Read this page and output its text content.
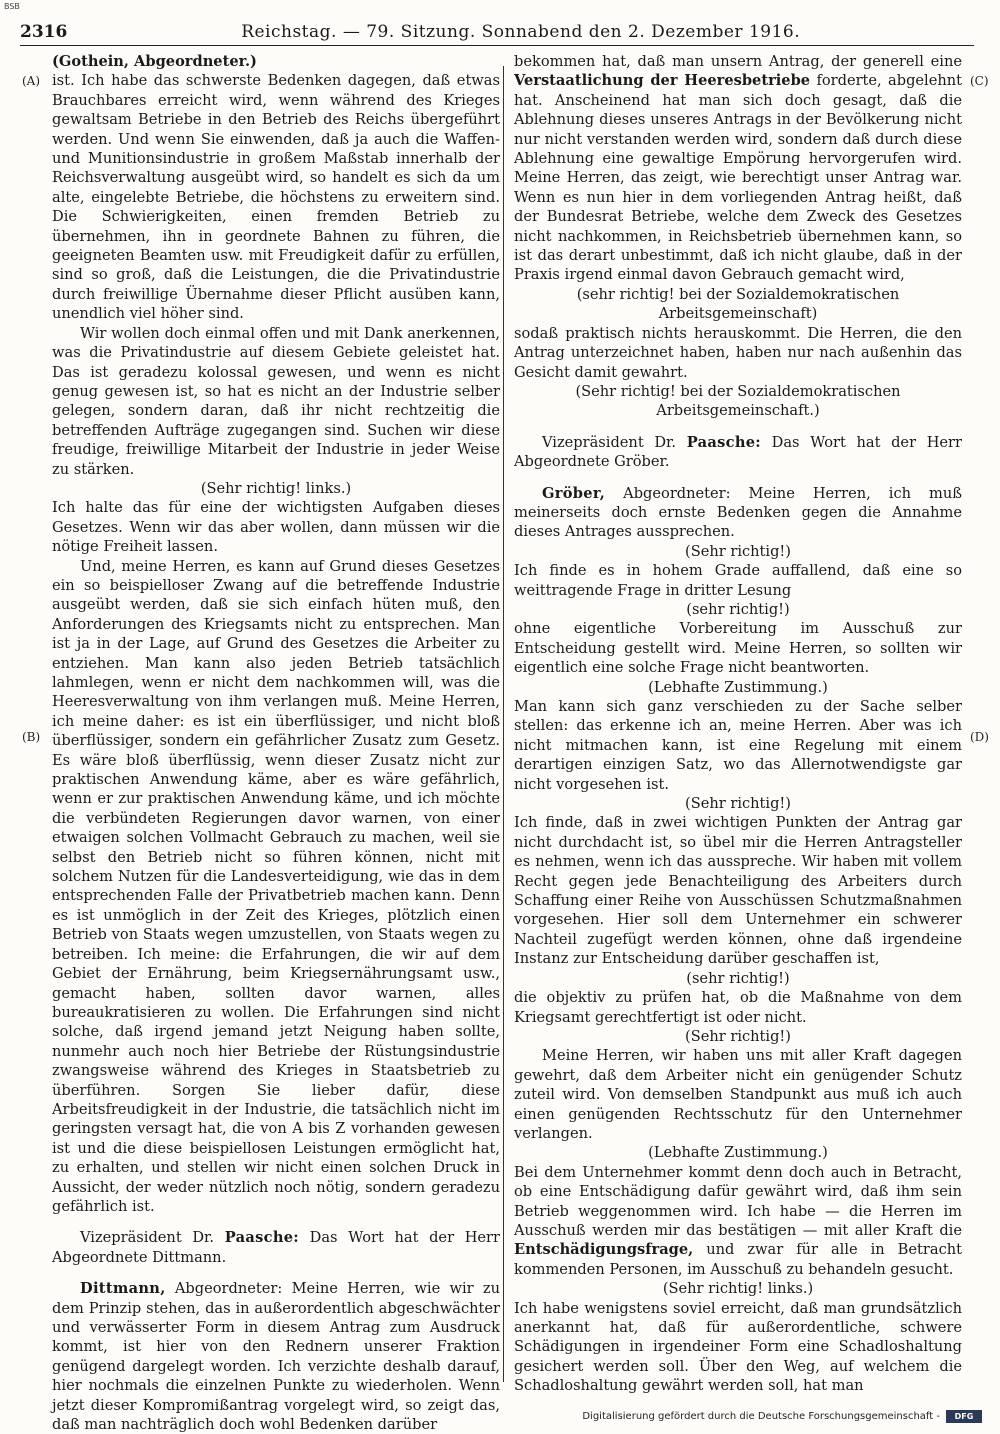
BSB
2316	Reichstag. — 79. Sitzung. Sonnabend den 2. Dezember 1916.
(A)
(B)
(C)
(D)

(Gothein, Abgeordneter.)

ist. Ich habe das schwerste Bedenken dagegen, daß etwas Brauchbares erreicht wird, wenn während des Krieges gewaltsam Betriebe in den Betrieb des Reichs übergeführt werden. Und wenn Sie einwenden, daß ja auch die Waffen- und Munitionsindustrie in großem Maßstab innerhalb der Reichsverwaltung ausgeübt wird, so handelt es sich da um alte, eingelebte Betriebe, die höchstens zu erweitern sind. Die Schwierigkeiten, einen fremden Betrieb zu übernehmen, ihn in geordnete Bahnen zu führen, die geeigneten Beamten usw. mit Freudigkeit dafür zu erfüllen, sind so groß, daß die Leistungen, die die Privatindustrie durch freiwillige Übernahme dieser Pflicht ausüben kann, unendlich viel höher sind.

Wir wollen doch einmal offen und mit Dank anerkennen, was die Privatindustrie auf diesem Gebiete geleistet hat. Das ist geradezu kolossal gewesen, und wenn es nicht genug gewesen ist, so hat es nicht an der Industrie selber gelegen, sondern daran, daß ihr nicht rechtzeitig die betreffenden Aufträge zugegangen sind. Suchen wir diese freudige, freiwillige Mitarbeit der Industrie in jeder Weise zu stärken.

(Sehr richtig! links.)

Ich halte das für eine der wichtigsten Aufgaben dieses Gesetzes. Wenn wir das aber wollen, dann müssen wir die nötige Freiheit lassen.

Und, meine Herren, es kann auf Grund dieses Gesetzes ein so beispielloser Zwang auf die betreffende Industrie ausgeübt werden, daß sie sich einfach hüten muß, den Anforderungen des Kriegsamts nicht zu entsprechen. Man ist ja in der Lage, auf Grund des Gesetzes die Arbeiter zu entziehen. Man kann also jeden Betrieb tatsächlich lahmlegen, wenn er nicht dem nachkommen will, was die Heeresverwaltung von ihm verlangen muß. Meine Herren, ich meine daher: es ist ein überflüssiger, und nicht bloß überflüssiger, sondern ein gefährlicher Zusatz zum Gesetz. Es wäre bloß überflüssig, wenn dieser Zusatz nicht zur praktischen Anwendung käme, aber es wäre gefährlich, wenn er zur praktischen Anwendung käme, und ich möchte die verbündeten Regierungen davor warnen, von einer etwaigen solchen Vollmacht Gebrauch zu machen, weil sie selbst den Betrieb nicht so führen können, nicht mit solchem Nutzen für die Landesverteidigung, wie das in dem entsprechenden Falle der Privatbetrieb machen kann. Denn es ist unmöglich in der Zeit des Krieges, plötzlich einen Betrieb von Staats wegen umzustellen, von Staats wegen zu betreiben. Ich meine: die Erfahrungen, die wir auf dem Gebiet der Ernährung, beim Kriegsernährungsamt usw., gemacht haben, sollten davor warnen, alles bureaukratisieren zu wollen. Die Erfahrungen sind nicht solche, daß irgend jemand jetzt Neigung haben sollte, nunmehr auch noch hier Betriebe der Rüstungsindustrie zwangsweise während des Krieges in Staatsbetrieb zu überführen. Sorgen Sie lieber dafür, diese Arbeitsfreudigkeit in der Industrie, die tatsächlich nicht im geringsten versagt hat, die von A bis Z vorhanden gewesen ist und die diese beispiellosen Leistungen ermöglicht hat, zu erhalten, und stellen wir nicht einen solchen Druck in Aussicht, der weder nützlich noch nötig, sondern geradezu gefährlich ist.

Vizepräsident Dr. Paasche: Das Wort hat der Herr Abgeordnete Dittmann.

Dittmann, Abgeordneter: Meine Herren, wie wir zu dem Prinzip stehen, das in außerordentlich abgeschwächter und verwässerter Form in diesem Antrag zum Ausdruck kommt, ist hier von den Rednern unserer Fraktion genügend dargelegt worden. Ich verzichte deshalb darauf, hier nochmals die einzelnen Punkte zu wiederholen. Wenn jetzt dieser Kompromißantrag vorgelegt wird, so zeigt das, daß man nachträglich doch wohl Bedenken darüber

bekommen hat, daß man unsern Antrag, der generell eine Verstaatlichung der Heeresbetriebe forderte, abgelehnt hat. Anscheinend hat man sich doch gesagt, daß die Ablehnung dieses unseres Antrags in der Bevölkerung nicht nur nicht verstanden werden wird, sondern daß durch diese Ablehnung eine gewaltige Empörung hervorgerufen wird. Meine Herren, das zeigt, wie berechtigt unser Antrag war. Wenn es nun hier in dem vorliegenden Antrag heißt, daß der Bundesrat Betriebe, welche dem Zweck des Gesetzes nicht nachkommen, in Reichsbetrieb übernehmen kann, so ist das derart unbestimmt, daß ich nicht glaube, daß in der Praxis irgend einmal davon Gebrauch gemacht wird,

(sehr richtig! bei der Sozialdemokratischen Arbeitsgemeinschaft)

sodaß praktisch nichts herauskommt. Die Herren, die den Antrag unterzeichnet haben, haben nur nach außenhin das Gesicht damit gewahrt.

(Sehr richtig! bei der Sozialdemokratischen Arbeitsgemeinschaft.)

Vizepräsident Dr. Paasche: Das Wort hat der Herr Abgeordnete Gröber.

Gröber, Abgeordneter: Meine Herren, ich muß meinerseits doch ernste Bedenken gegen die Annahme dieses Antrages aussprechen.

(Sehr richtig!)

Ich finde es in hohem Grade auffallend, daß eine so weittragende Frage in dritter Lesung

(sehr richtig!)

ohne eigentliche Vorbereitung im Ausschuß zur Entscheidung gestellt wird. Meine Herren, so sollten wir eigentlich eine solche Frage nicht beantworten.

(Lebhafte Zustimmung.)

Man kann sich ganz verschieden zu der Sache selber stellen: das erkenne ich an, meine Herren. Aber was ich nicht mitmachen kann, ist eine Regelung mit einem derartigen einzigen Satz, wo das Allernotwendigste gar nicht vorgesehen ist.

(Sehr richtig!)

Ich finde, daß in zwei wichtigen Punkten der Antrag gar nicht durchdacht ist, so übel mir die Herren Antragsteller es nehmen, wenn ich das ausspreche. Wir haben mit vollem Recht gegen jede Benachteiligung des Arbeiters durch Schaffung einer Reihe von Ausschüssen Schutzmaßnahmen vorgesehen. Hier soll dem Unternehmer ein schwerer Nachteil zugefügt werden können, ohne daß irgendeine Instanz zur Entscheidung darüber geschaffen ist,

(sehr richtig!)

die objektiv zu prüfen hat, ob die Maßnahme von dem Kriegsamt gerechtfertigt ist oder nicht.

(Sehr richtig!)

Meine Herren, wir haben uns mit aller Kraft dagegen gewehrt, daß dem Arbeiter nicht ein genügender Schutz zuteil wird. Von demselben Standpunkt aus muß ich auch einen genügenden Rechtsschutz für den Unternehmer verlangen.

(Lebhafte Zustimmung.)

Bei dem Unternehmer kommt denn doch auch in Betracht, ob eine Entschädigung dafür gewährt wird, daß ihm sein Betrieb weggenommen wird. Ich habe — die Herren im Ausschuß werden mir das bestätigen — mit aller Kraft die Entschädigungsfrage, und zwar für alle in Betracht kommenden Personen, im Ausschuß zu behandeln gesucht.

(Sehr richtig! links.)

Ich habe wenigstens soviel erreicht, daß man grundsätzlich anerkannt hat, daß für außerordentliche, schwere Schädigungen in irgendeiner Form eine Schadloshaltung gesichert werden soll. Über den Weg, auf welchem die Schadloshaltung gewährt werden soll, hat man

Digitalisierung gefördert durch die Deutsche Forschungsgemeinschaft -	DFG
